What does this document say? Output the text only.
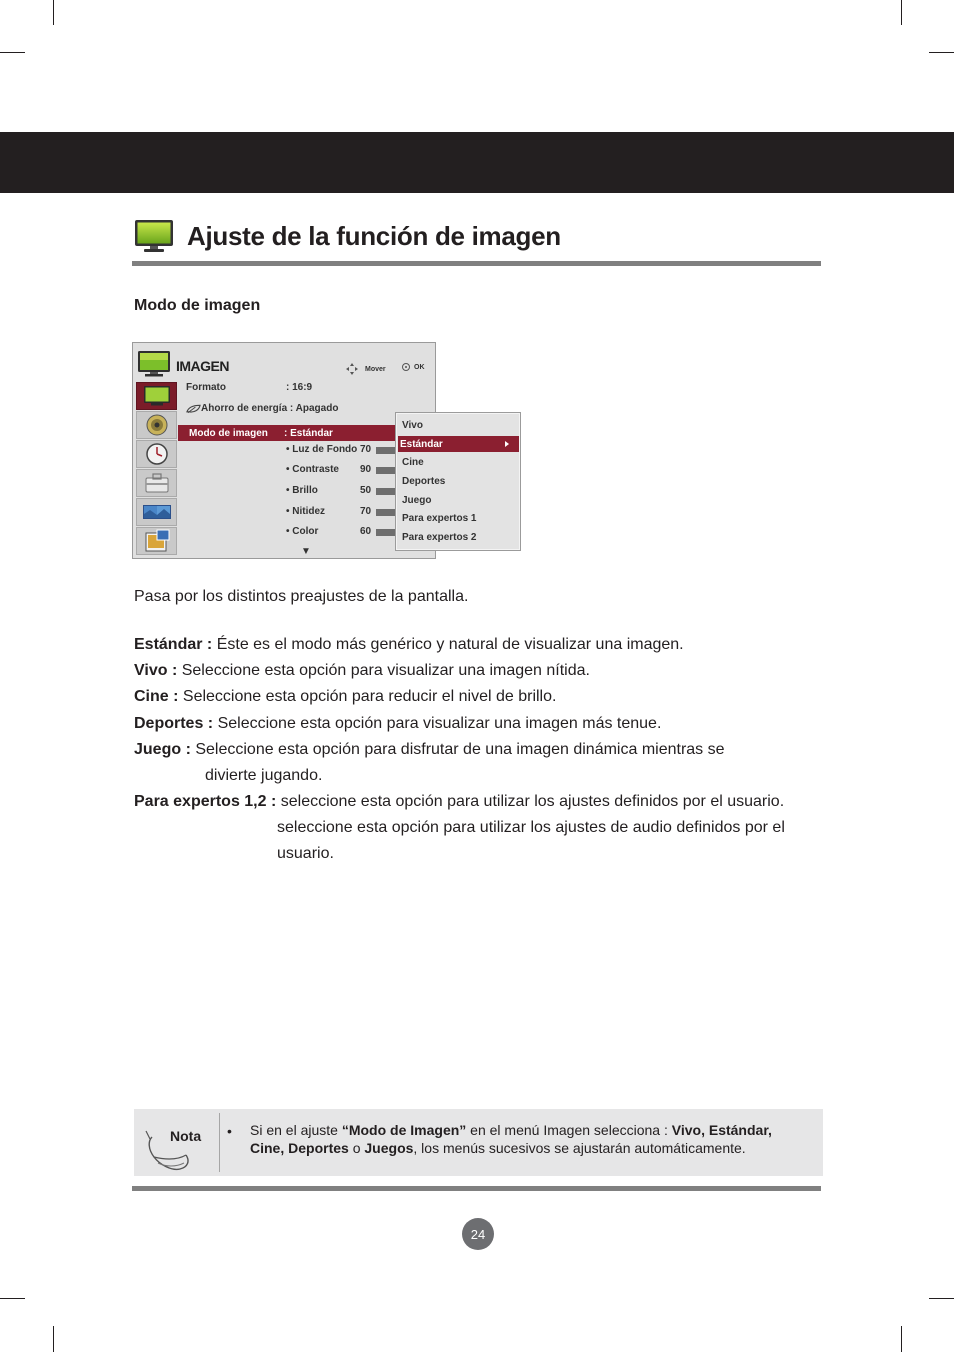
Ajuste de la función de imagen
Modo de imagen
IMAGEN	Mover	OK
Formato	: 16:9
Ahorro de energía : Apagado
Modo de imagen : Estándar
• Luz de Fondo 70
• Contraste 90
• Brillo	50
• Nitidez	70
• Color	60
▼
Vivo
Estándar
Cine
Deportes
Juego
Para expertos 1
Para expertos 2
Pasa por los distintos preajustes de la pantalla.
Estándar : Éste es el modo más genérico y natural de visualizar una imagen.
Vivo : Seleccione esta opción para visualizar una imagen nítida.
Cine : Seleccione esta opción para reducir el nivel de brillo.
Deportes : Seleccione esta opción para visualizar una imagen más tenue.
Juego : Seleccione esta opción para disfrutar de una imagen dinámica mientras se
divierte jugando.
Para expertos 1,2 : seleccione esta opción para utilizar los ajustes definidos por el usuario.
seleccione esta opción para utilizar los ajustes de audio definidos por el
usuario.
Nota • Si en el ajuste “Modo de Imagen” en el menú Imagen selecciona : Vivo, Estándar,
Cine, Deportes o Juegos, los menús sucesivos se ajustarán automáticamente.
24
